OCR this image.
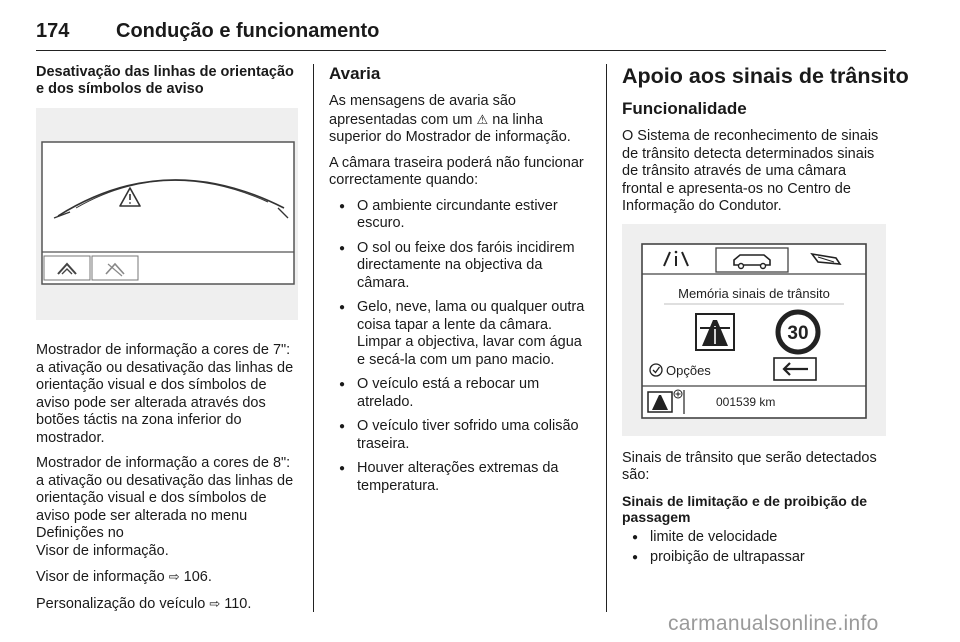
174 Condução e funcionamento
Desativação das linhas de orientação e dos símbolos de aviso

Mostrador de informação a cores de 7": a ativação ou desativação das linhas de orientação visual e dos símbolos de aviso pode ser alterada através dos botões táctis na zona inferior do mostrador.

Mostrador de informação a cores de 8": a ativação ou desativação das linhas de orientação visual e dos símbolos de aviso pode ser alterada no menu Definições no
Visor de informação.

Visor de informação ⇨ 106.

Personalização do veículo ⇨ 110.

Avaria

As mensagens de avaria são apresentadas com um ⚠ na linha superior do Mostrador de informação.

A câmara traseira poderá não funcionar correctamente quando:

● O ambiente circundante estiver escuro.
● O sol ou feixe dos faróis incidirem directamente na objectiva da câmara.
● Gelo, neve, lama ou qualquer outra coisa tapar a lente da câmara. Limpar a objectiva, lavar com água e secá-la com um pano macio.
● O veículo está a rebocar um atrelado.
● O veículo tiver sofrido uma colisão traseira.
● Houver alterações extremas da temperatura.
Apoio aos sinais de trânsito
Funcionalidade

O Sistema de reconhecimento de sinais de trânsito detecta determinados sinais de trânsito através de uma câmara frontal e apresenta-os no Centro de Informação do Condutor.

Memória sinais de trânsito
30
Opções
001539 km

Sinais de trânsito que serão detectados são:

Sinais de limitação e de proibição de passagem
● limite de velocidade
● proibição de ultrapassar
carmanualsonline.info
